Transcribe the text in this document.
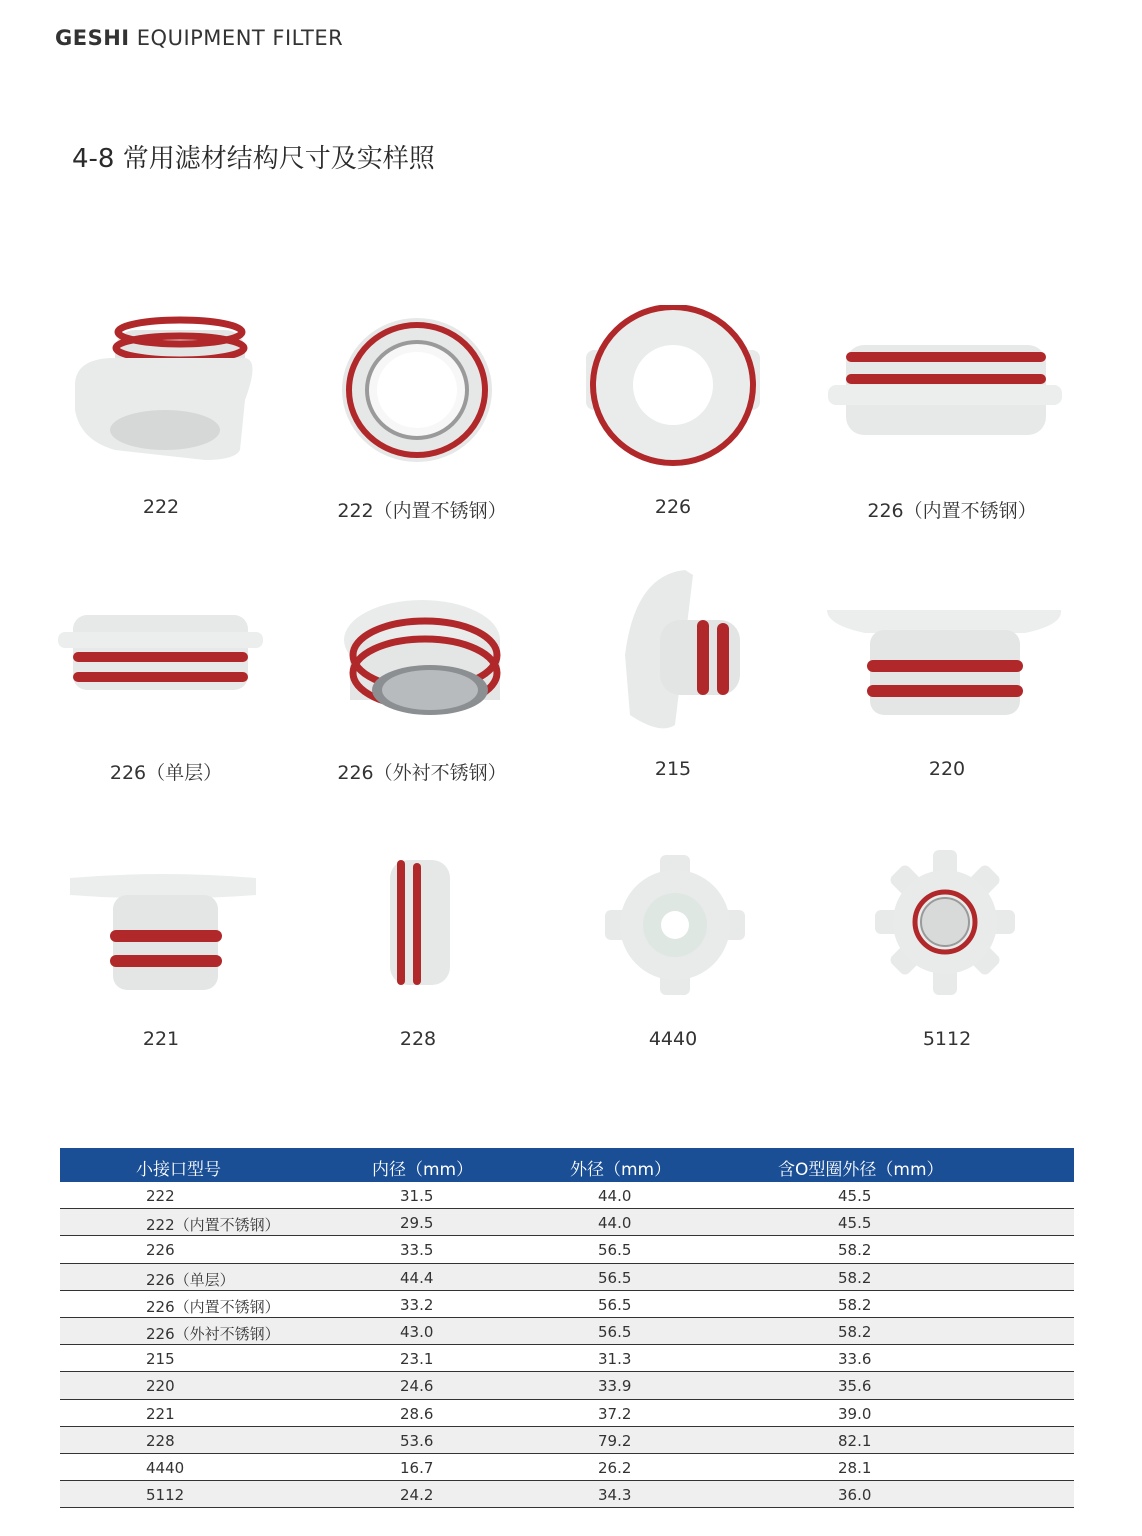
GESHI EQUIPMENT FILTER
4-8 常用滤材结构尺寸及实样照
222	222（内置不锈钢）	226	226（内置不锈钢）
226（单层）	226（外衬不锈钢）	215	220
221	228	4440	5112
小接口型号	内径（mm）	外径（mm）	含O型圈外径（mm）
222	31.5	44.0	45.5
222（内置不锈钢）	29.5	44.0	45.5
226	33.5	56.5	58.2
226（单层）	44.4	56.5	58.2
226（内置不锈钢）	33.2	56.5	58.2
226（外衬不锈钢）	43.0	56.5	58.2
215	23.1	31.3	33.6
220	24.6	33.9	35.6
221	28.6	37.2	39.0
228	53.6	79.2	82.1
4440	16.7	26.2	28.1
5112	24.2	34.3	36.0
